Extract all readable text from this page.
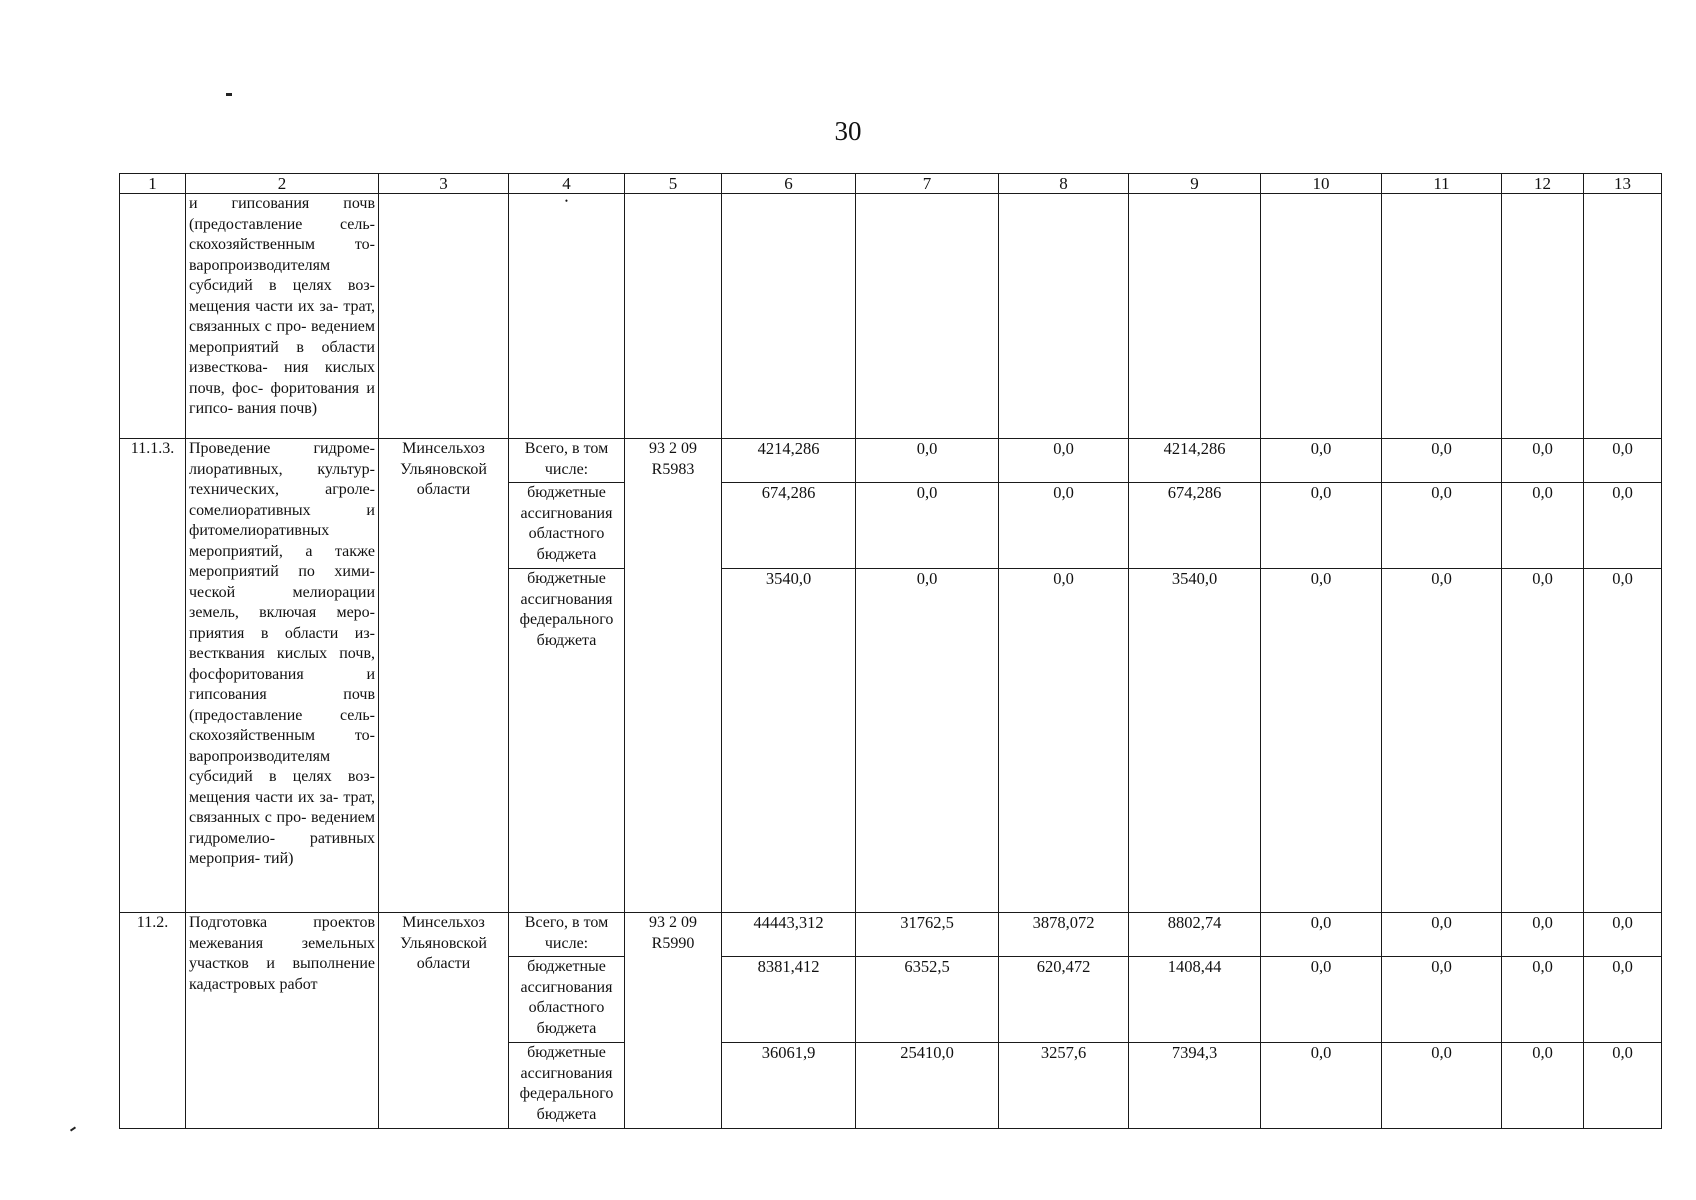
30
1	2	3	4	5	6	7	8	9	10	11	12	13
	и гипсования почв (предоставление сель- скохозяйственным то- варопроизводителям субсидий в целях воз- мещения части их за- трат, связанных с про- ведением мероприятий в области известкова- ния кислых почв, фос- форитования и гипсо- вания почв)		•									
11.1.3.	Проведение гидроме- лиоративных, культур- технических, агроле- сомелиоративных и фитомелиоративных мероприятий, а также мероприятий по хими- ческой мелиорации земель, включая меро- приятия в области из- вестквания кислых почв, фосфоритования и гипсования почв (предоставление сель- скохозяйственным то- варопроизводителям субсидий в целях воз- мещения части их за- трат, связанных с про- ведением гидромелио- ративных мероприя- тий)	Минсельхоз Ульяновской области	Всего, в том числе:	93 2 09 R5983	4214,286	0,0	0,0	4214,286	0,0	0,0	0,0	0,0
			бюджетные ассигнования областного бюджета		674,286	0,0	0,0	674,286	0,0	0,0	0,0	0,0
			бюджетные ассигнования федерального бюджета		3540,0	0,0	0,0	3540,0	0,0	0,0	0,0	0,0
11.2.	Подготовка проектов межевания земельных участков и выполнение кадастровых работ	Минсельхоз Ульяновской области	Всего, в том числе:	93 2 09 R5990	44443,312	31762,5	3878,072	8802,74	0,0	0,0	0,0	0,0
			бюджетные ассигнования областного бюджета		8381,412	6352,5	620,472	1408,44	0,0	0,0	0,0	0,0
			бюджетные ассигнования федерального бюджета		36061,9	25410,0	3257,6	7394,3	0,0	0,0	0,0	0,0
